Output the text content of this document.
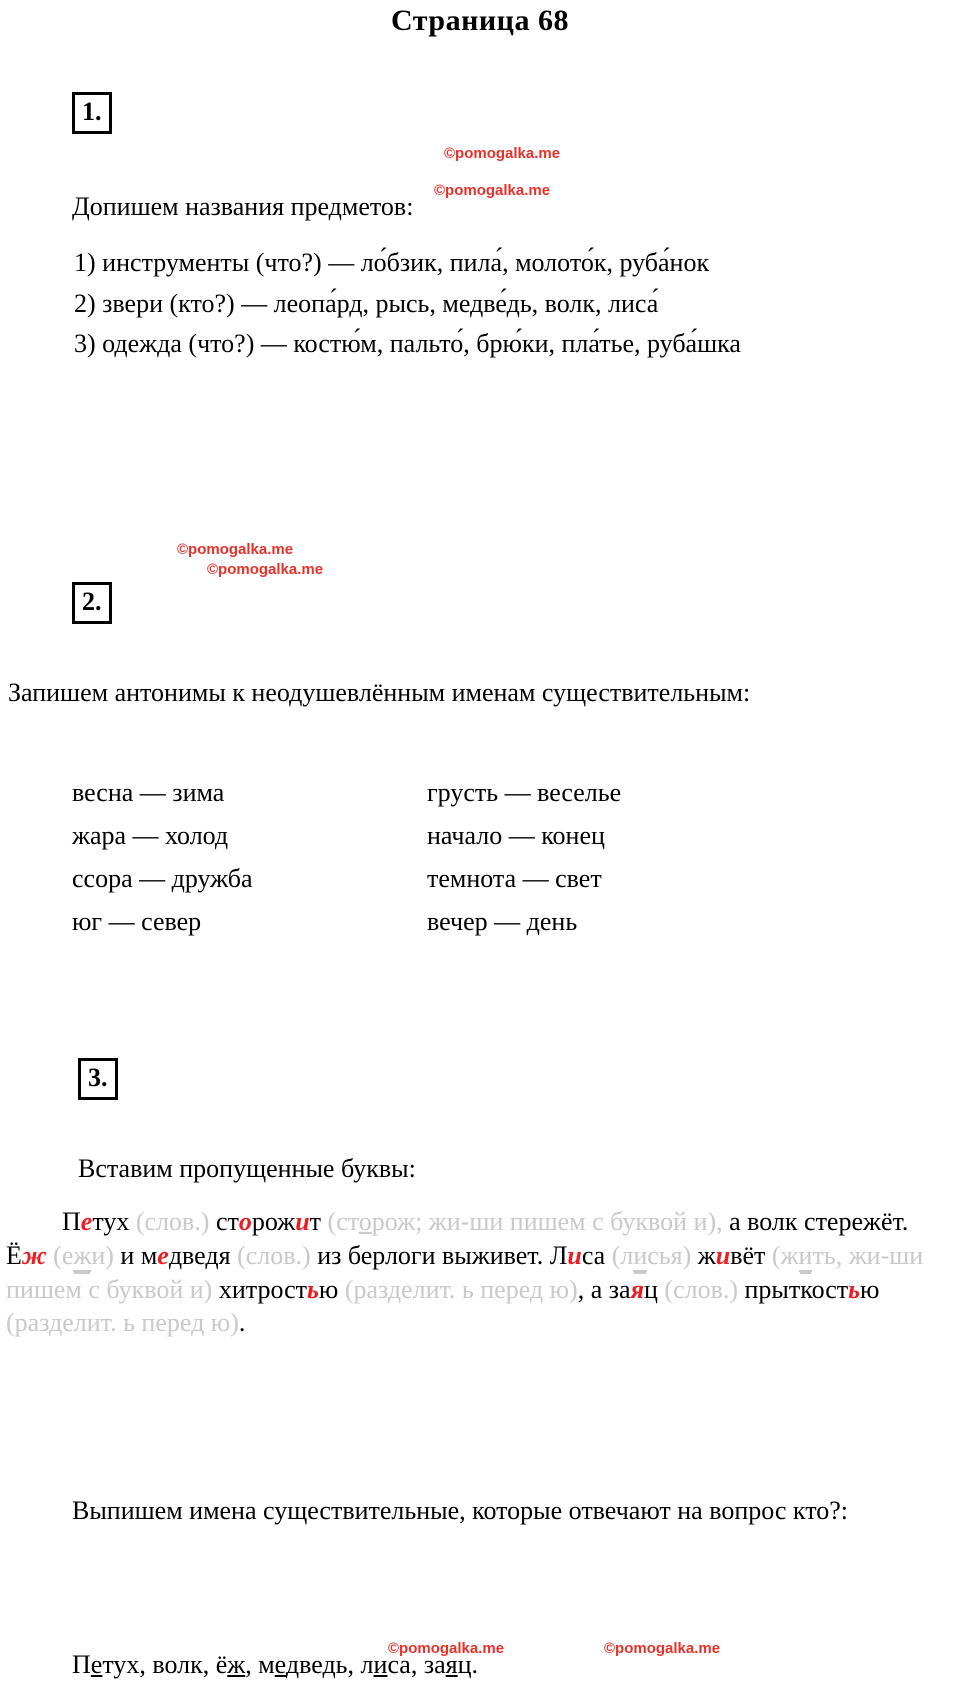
Страница 68
©pomogalka.me
©pomogalka.me
©pomogalka.me
©pomogalka.me
©pomogalka.me	©pomogalka.me
1.

Допишем названия предметов:

1) инструменты (что?) — ло́бзик, пила́, молото́к, руба́нок

2) звери (кто?) — леопа́рд, рысь, медве́дь, волк, лиса́

3) одежда (что?) — костю́м, пальто́, брю́ки, пла́тье, руба́шка

2.

Запишем антонимы к неодушевлённым именам существительным:

весна — зима	грусть — веселье
жара — холод	начало — конец
ссора — дружба	темнота — свет
юг — север	вечер — день
3.

Вставим пропущенные буквы:

Петух (слов.) сторожит (сторож; жи-ши пишем с буквой и), а волк стережёт. Ёж (ежи) и медведя (слов.) из берлоги выживет. Лиса (лисья) живёт (жить, жи-ши пишем с буквой и) хитростью (разделит. ь перед ю), а заяц (слов.) прыткостью (разделит. ь перед ю).

Выпишем имена существительные, которые отвечают на вопрос кто?:

Петух, волк, ёж, медведь, лиса, заяц.
